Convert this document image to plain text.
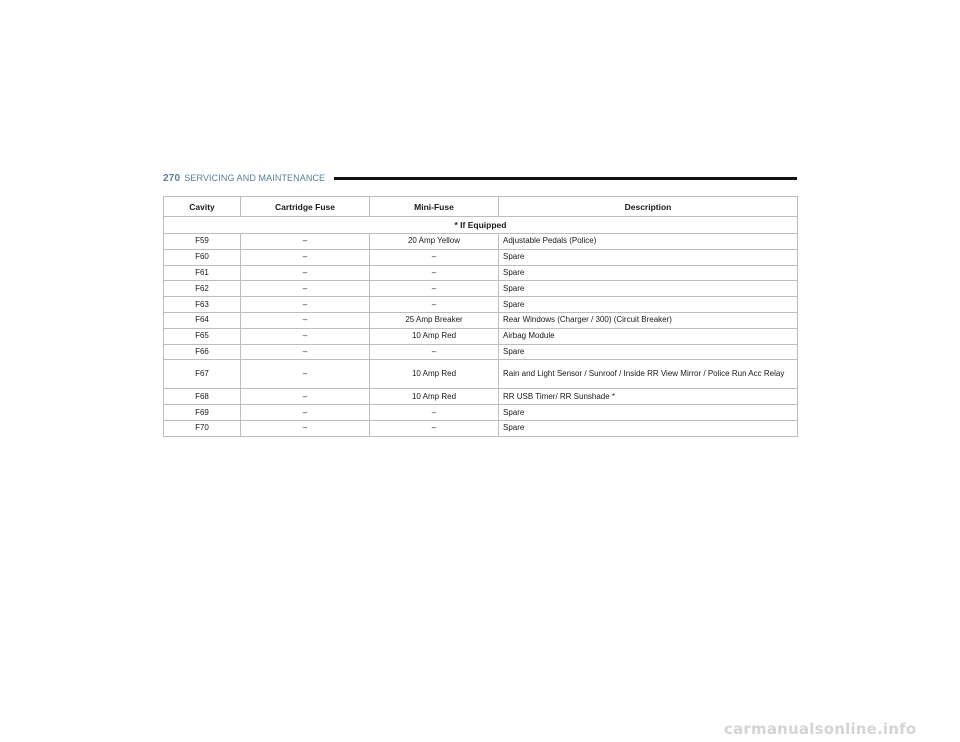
270 SERVICING AND MAINTENANCE
Cavity	Cartridge Fuse	Mini-Fuse	Description
* If Equipped			
F59	–	20 Amp Yellow	Adjustable Pedals (Police)
F60	–	–	Spare
F61	–	–	Spare
F62	–	–	Spare
F63	–	–	Spare
F64	–	25 Amp Breaker	Rear Windows (Charger / 300) (Circuit Breaker)
F65	–	10 Amp Red	Airbag Module
F66	–	–	Spare
F67	–	10 Amp Red	Rain and Light Sensor / Sunroof / Inside RR View Mirror / Police Run Acc Relay
F68	–	10 Amp Red	RR USB Timer/ RR Sunshade *
F69	–	–	Spare
F70	–	–	Spare
carmanualsonline.info
